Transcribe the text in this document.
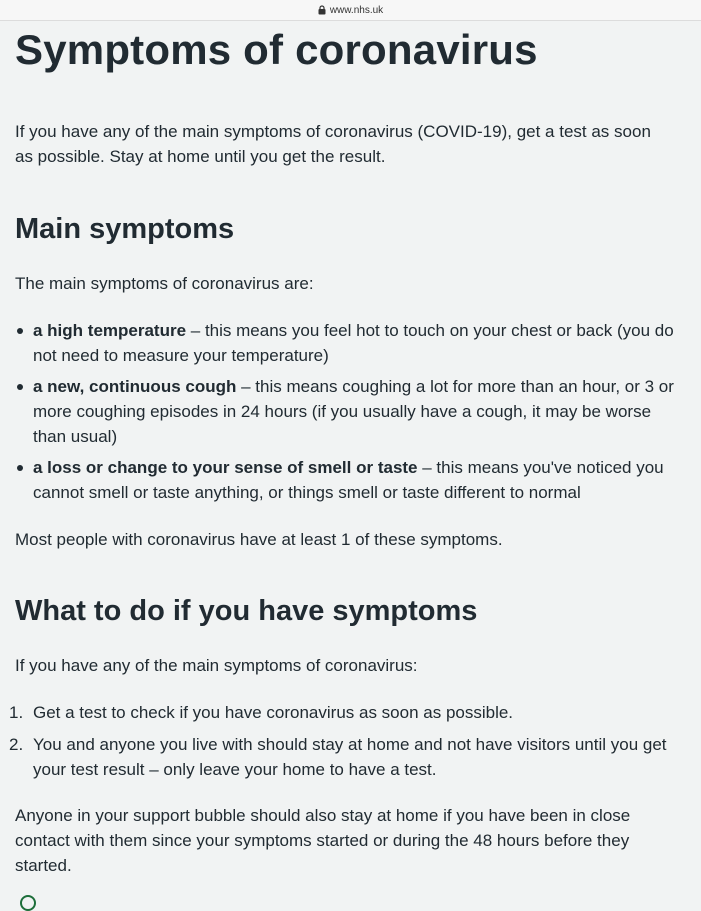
www.nhs.uk
Symptoms of coronavirus

If you have any of the main symptoms of coronavirus (COVID-19), get a test as soon as possible. Stay at home until you get the result.

Main symptoms

The main symptoms of coronavirus are:

a high temperature – this means you feel hot to touch on your chest or back (you do not need to measure your temperature)
a new, continuous cough – this means coughing a lot for more than an hour, or 3 or more coughing episodes in 24 hours (if you usually have a cough, it may be worse than usual)
a loss or change to your sense of smell or taste – this means you've noticed you cannot smell or taste anything, or things smell or taste different to normal

Most people with coronavirus have at least 1 of these symptoms.

What to do if you have symptoms

If you have any of the main symptoms of coronavirus:

1. Get a test to check if you have coronavirus as soon as possible.
2. You and anyone you live with should stay at home and not have visitors until you get your test result – only leave your home to have a test.

Anyone in your support bubble should also stay at home if you have been in close contact with them since your symptoms started or during the 48 hours before they started.
